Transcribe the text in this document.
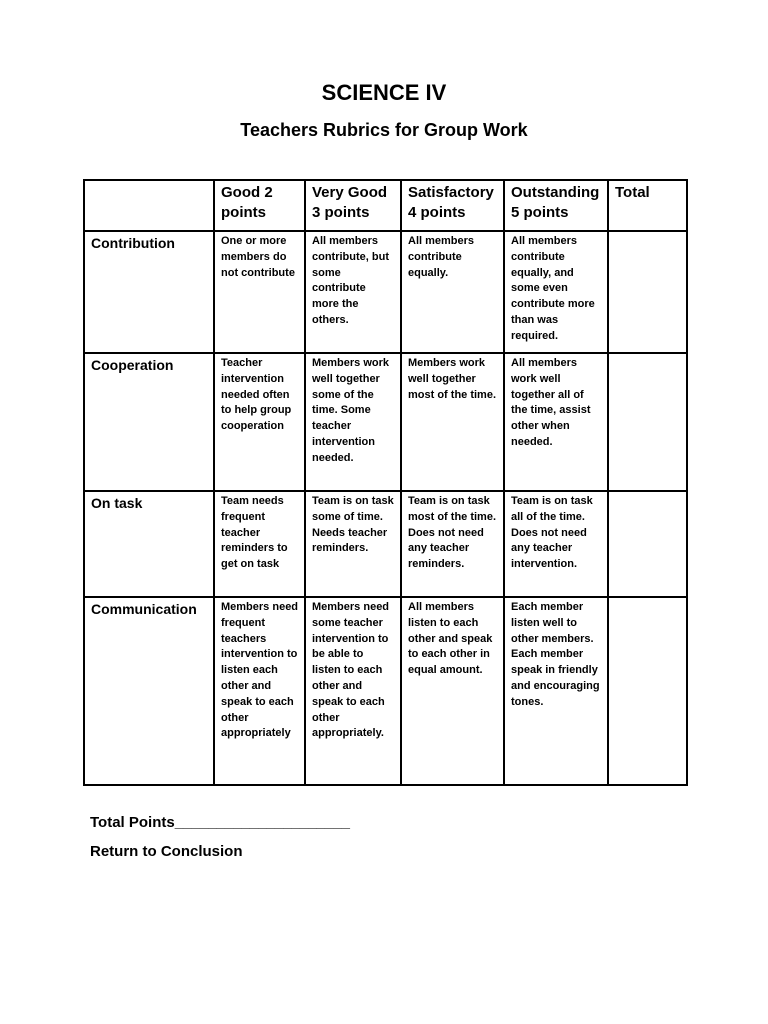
SCIENCE IV
Teachers Rubrics for Group Work
	Good 2 points	Very Good 3 points	Satisfactory 4 points	Outstanding 5 points	Total
Contribution	One or more members do not contribute	All members contribute, but some contribute more the others.	All members contribute equally.	All members contribute equally, and some even contribute more than was required.	
Cooperation	Teacher intervention needed often to help group cooperation	Members work well together some of the time. Some teacher intervention needed.	Members work well together most of the time.	All members work well together all of the time, assist other when needed.	
On task	Team needs frequent teacher reminders to get on task	Team is on task some of time. Needs teacher reminders.	Team is on task most of the time. Does not need any teacher reminders.	Team is on task all of the time. Does not need any teacher intervention.	
Communication	Members need frequent teachers intervention to listen each other and speak to each other appropriately	Members need some teacher intervention to be able to listen to each other and speak to each other appropriately.	All members listen to each other and speak to each other in equal amount.	Each member listen well to other members. Each member speak in friendly and encouraging tones.	
Total Points_____________________
Return to Conclusion
